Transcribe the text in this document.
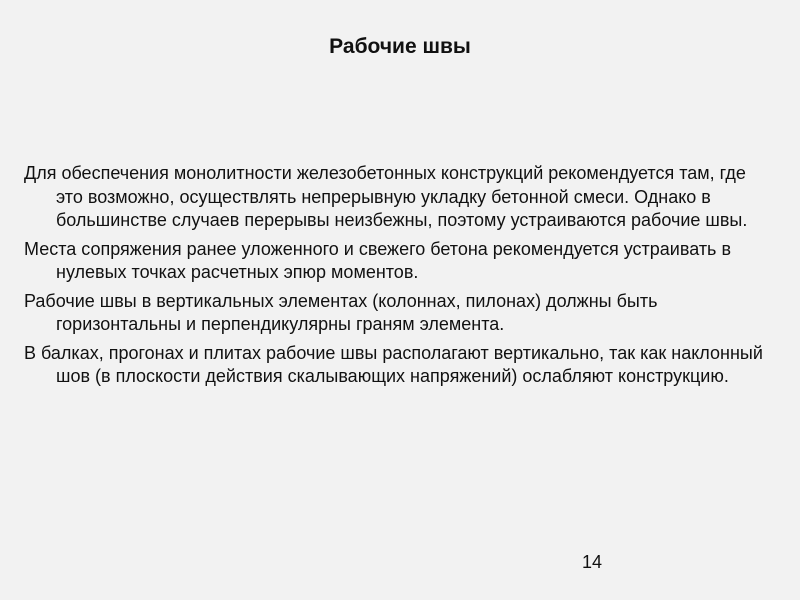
Рабочие швы

Для обеспечения монолитности железобетонных конструкций рекомендуется там, где это возможно, осуществлять непрерывную укладку бетонной смеси. Однако в большинстве случаев перерывы неизбежны, поэтому устраиваются рабочие швы.

Места сопряжения ранее уложенного и свежего бетона рекомендуется устраивать в нулевых точках расчетных эпюр моментов.

Рабочие швы в вертикальных элементах (колоннах, пилонах) должны быть горизонтальны и перпендикулярны граням элемента.

В балках, прогонах и плитах рабочие швы располагают вертикально, так как наклонный шов (в плоскости действия скалывающих напряжений) ослабляют конструкцию.

14
